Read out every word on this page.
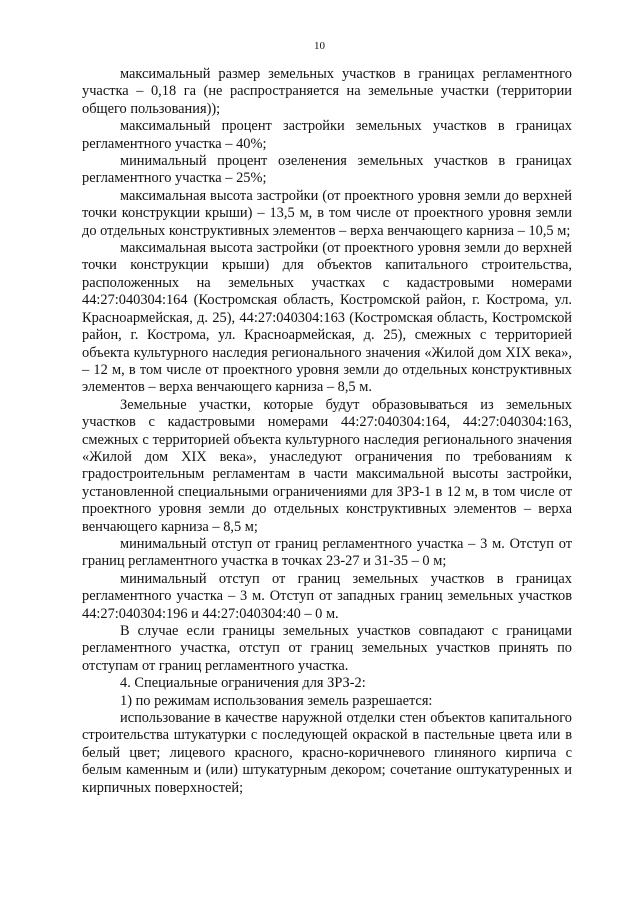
10

максимальный размер земельных участков в границах регламентного участка – 0,18 га (не распространяется на земельные участки (территории общего пользования));

максимальный процент застройки земельных участков в границах регламентного участка – 40%;

минимальный процент озеленения земельных участков в границах регламентного участка – 25%;

максимальная высота застройки (от проектного уровня земли до верхней точки конструкции крыши) – 13,5 м, в том числе от проектного уровня земли до отдельных конструктивных элементов – верха венчающего карниза – 10,5 м;

максимальная высота застройки (от проектного уровня земли до верхней точки конструкции крыши) для объектов капитального строительства, расположенных на земельных участках с кадастровыми номерами 44:27:040304:164 (Костромская область, Костромской район, г. Кострома, ул. Красноармейская, д. 25), 44:27:040304:163 (Костромская область, Костромской район, г. Кострома, ул. Красноармейская, д. 25), смежных с территорией объекта культурного наследия регионального значения «Жилой дом XIX века», – 12 м, в том числе от проектного уровня земли до отдельных конструктивных элементов – верха венчающего карниза – 8,5 м.

Земельные участки, которые будут образовываться из земельных участков с кадастровыми номерами 44:27:040304:164, 44:27:040304:163, смежных с территорией объекта культурного наследия регионального значения «Жилой дом XIX века», унаследуют ограничения по требованиям к градостроительным регламентам в части максимальной высоты застройки, установленной специальными ограничениями для ЗРЗ-1 в 12 м, в том числе от проектного уровня земли до отдельных конструктивных элементов – верха венчающего карниза – 8,5 м;

минимальный отступ от границ регламентного участка – 3 м. Отступ от границ регламентного участка в точках 23-27 и 31-35 – 0 м;

минимальный отступ от границ земельных участков в границах регламентного участка – 3 м. Отступ от западных границ земельных участков 44:27:040304:196 и 44:27:040304:40 – 0 м.

В случае если границы земельных участков совпадают с границами регламентного участка, отступ от границ земельных участков принять по отступам от границ регламентного участка.

4. Специальные ограничения для ЗРЗ-2:

1) по режимам использования земель разрешается:

использование в качестве наружной отделки стен объектов капитального строительства штукатурки с последующей окраской в пастельные цвета или в белый цвет; лицевого красного, красно-коричневого глиняного кирпича с белым каменным и (или) штукатурным декором; сочетание оштукатуренных и кирпичных поверхностей;
